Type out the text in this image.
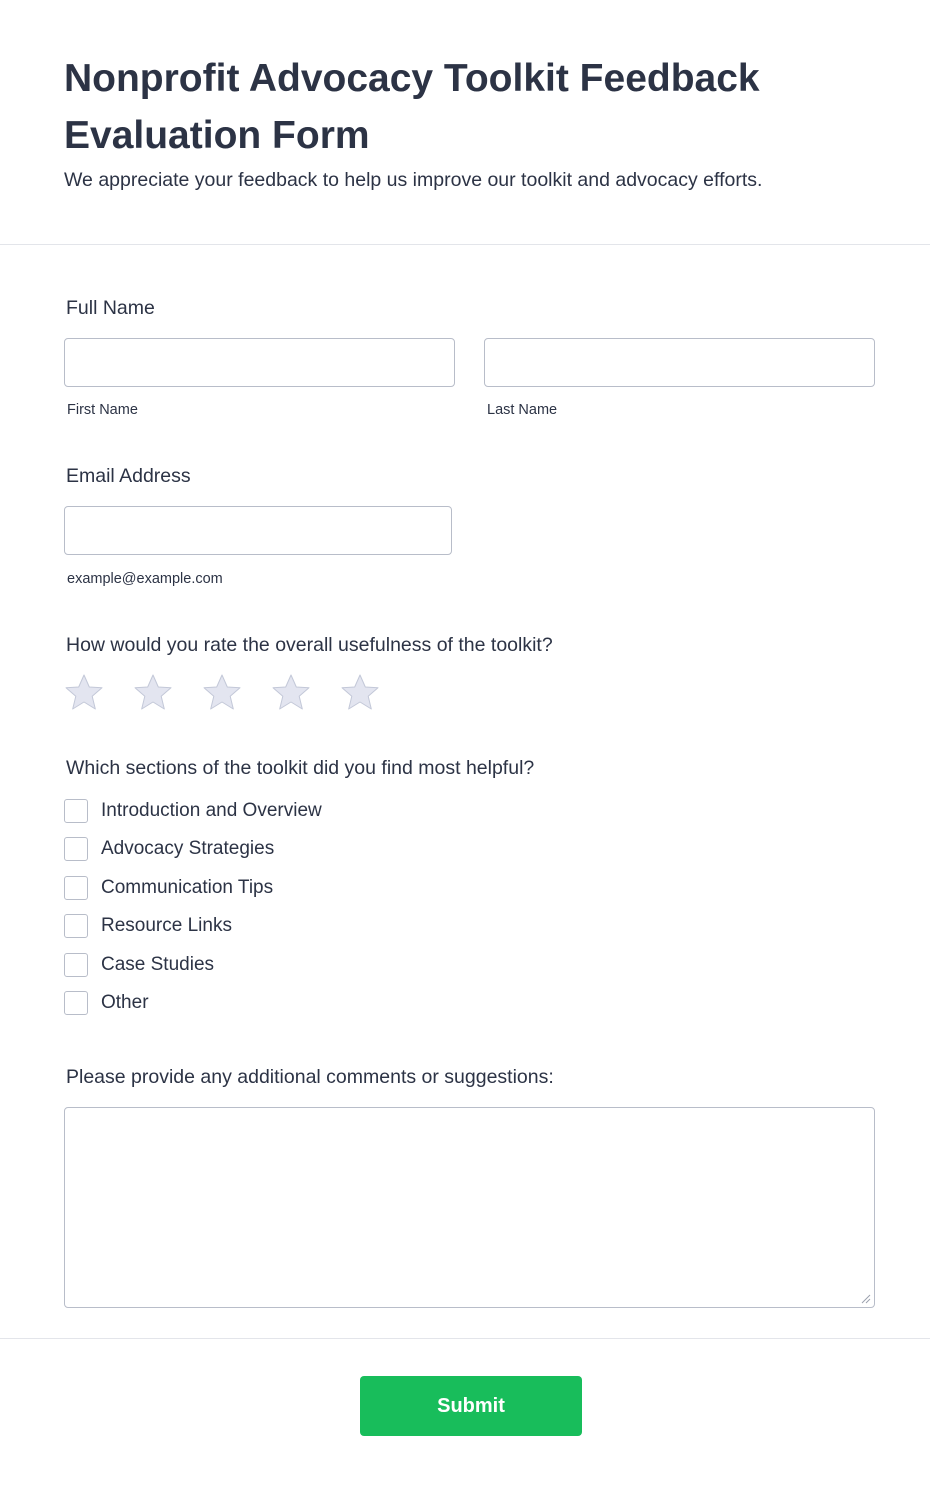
Nonprofit Advocacy Toolkit Feedback Evaluation Form

We appreciate your feedback to help us improve our toolkit and advocacy efforts.

Full Name
First Name	Last Name
Email Address
example@example.com
How would you rate the overall usefulness of the toolkit?
Which sections of the toolkit did you find most helpful?
Introduction and Overview
Advocacy Strategies
Communication Tips
Resource Links
Case Studies
Other
Please provide any additional comments or suggestions:
Submit
